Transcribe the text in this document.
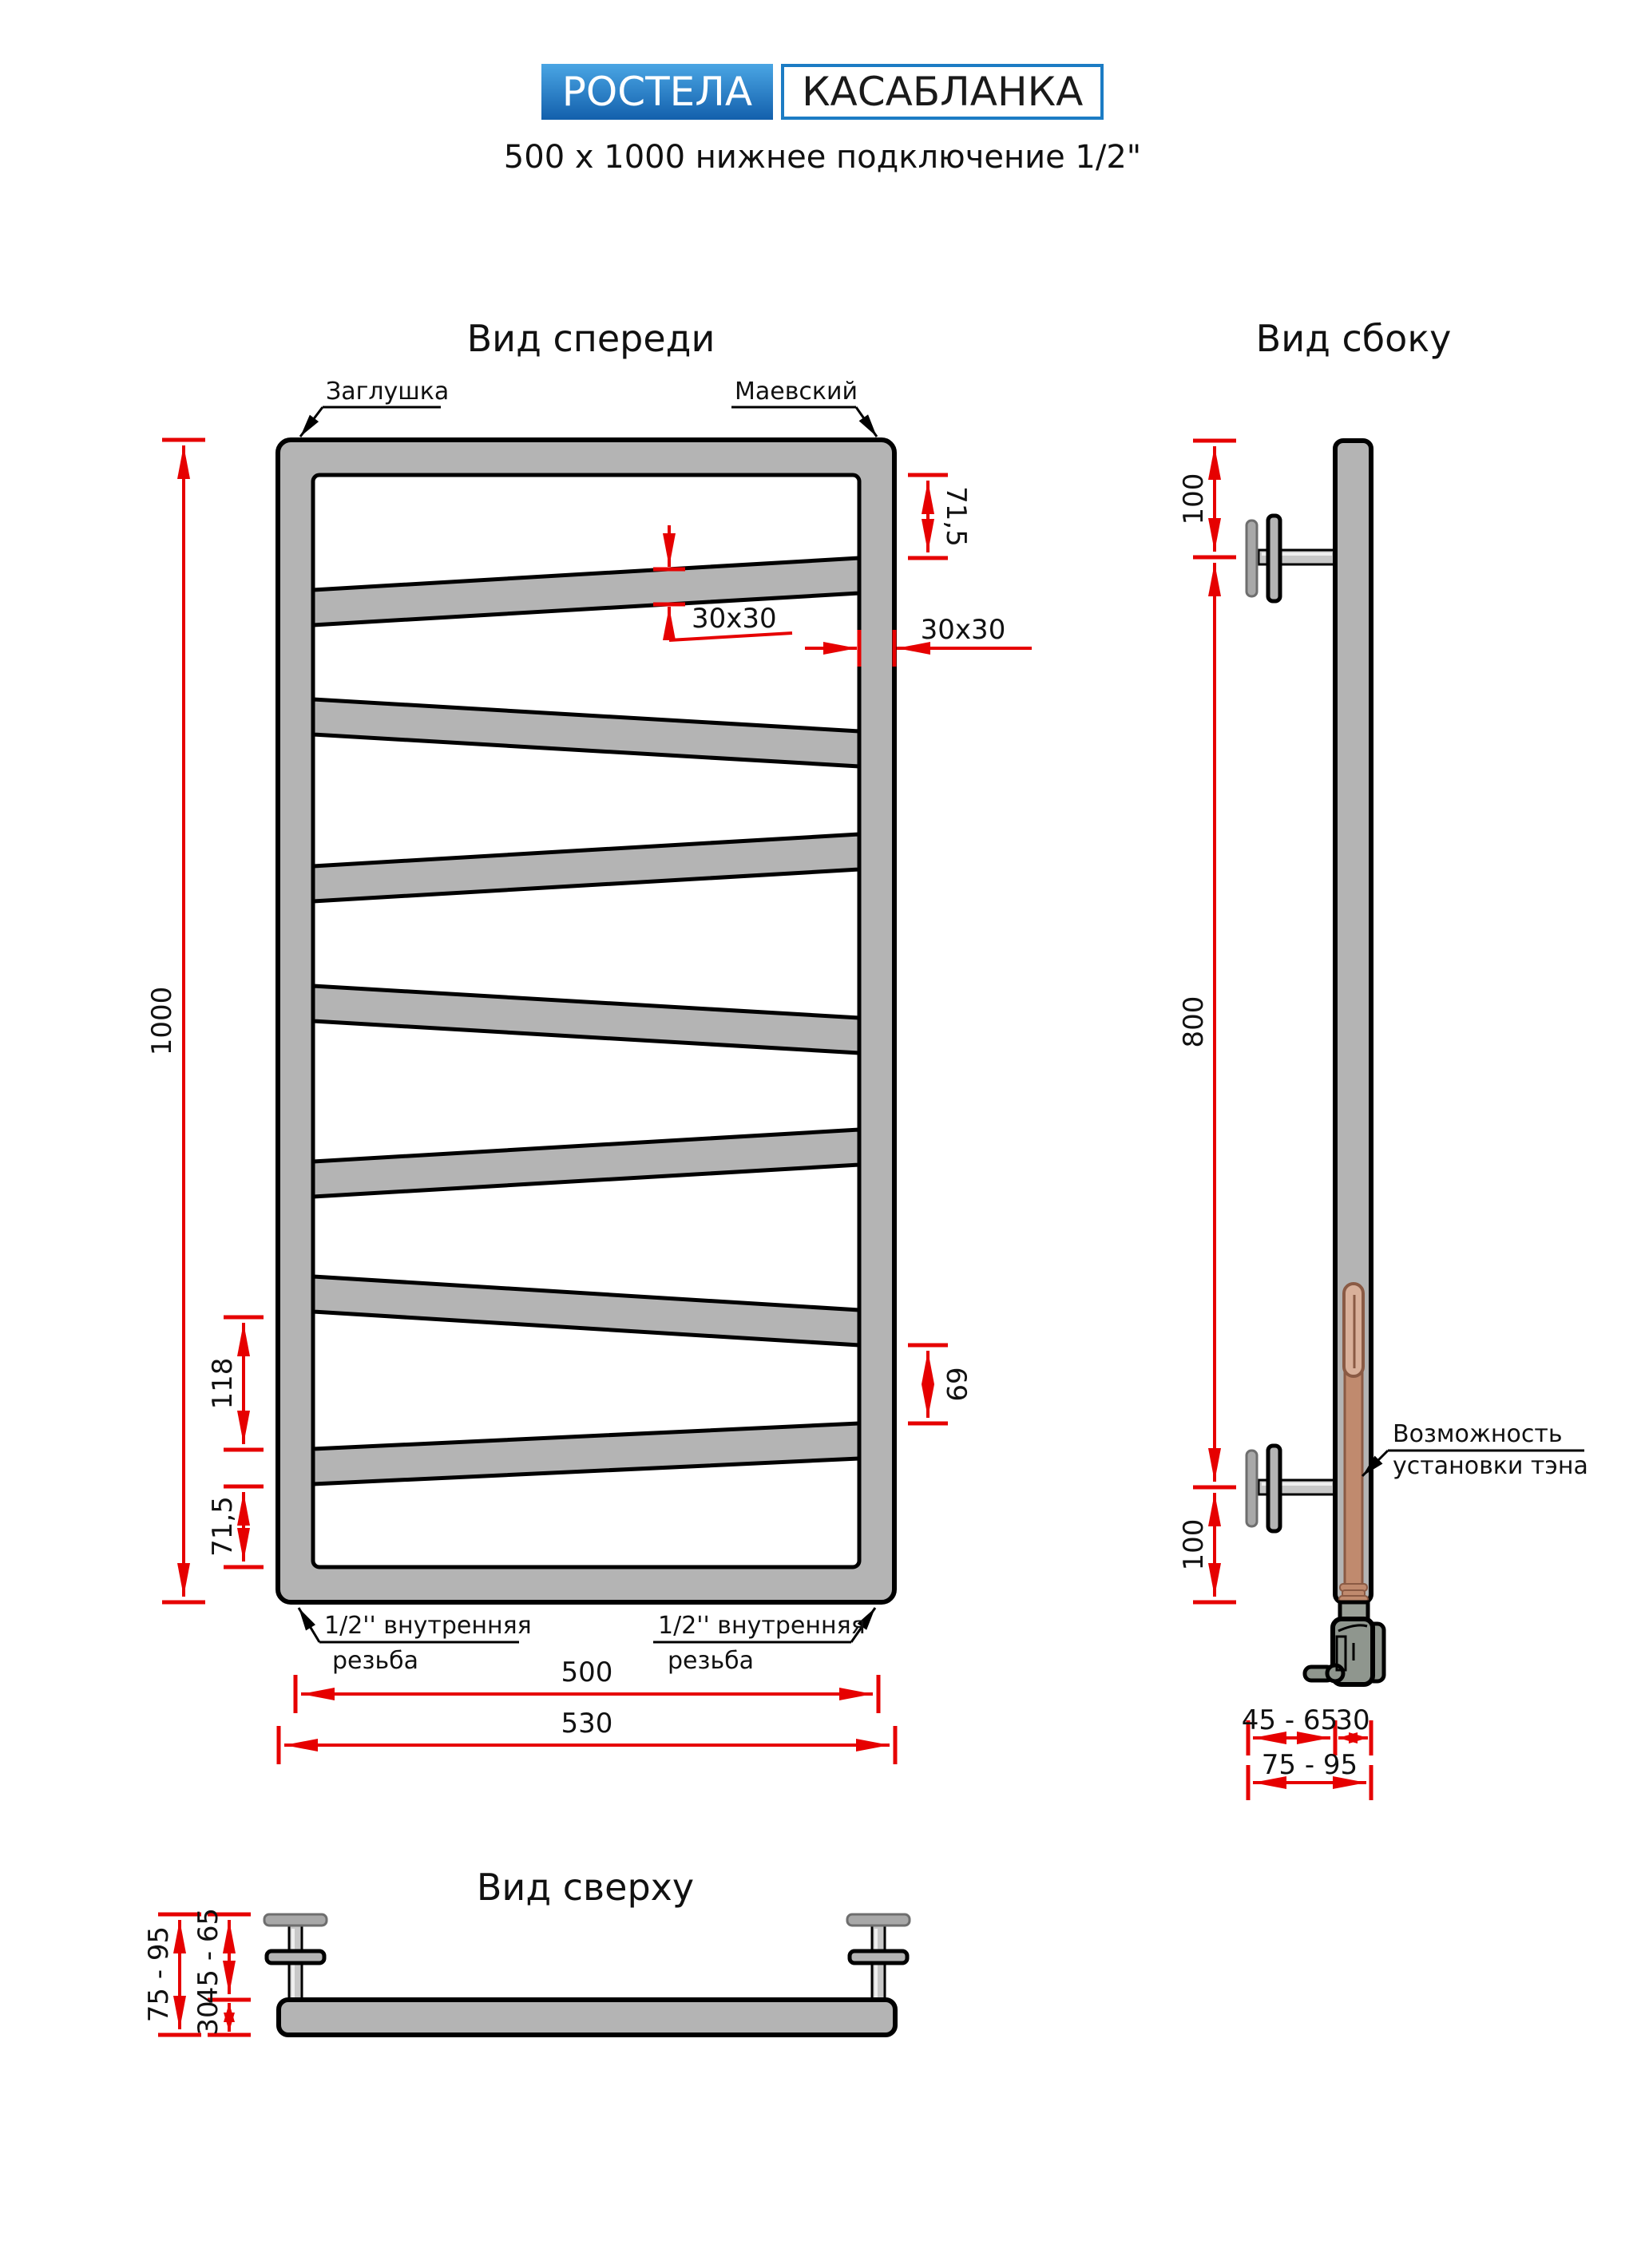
РОСТЕЛА КАСАБЛАНКА
500 x 1000 нижнее подключение 1/2"
Вид спереди
Заглушка	Маевский
1/2'' внутренняя
резьба
1/2'' внутренняя
резьба
1000
118
71,5
71,5
69
30x30	30x30
500
530
Вид сбоку
Возможность
установки тэна
100
800
100
45 - 65
30
75 - 95
Вид сверху
75 - 95 45 - 65
30
